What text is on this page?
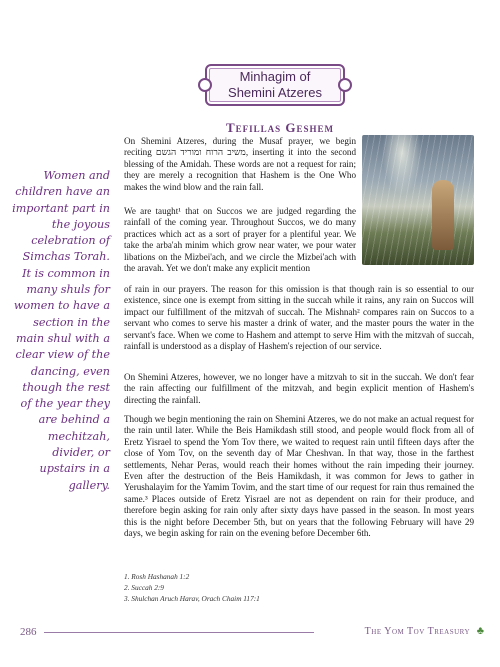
Minhagim of
Shemini Atzeres
Tefillas Geshem
Women and children have an important part in the joyous celebration of Simchas Torah. It is common in many shuls for women to have a section in the main shul with a clear view of the dancing, even though the rest of the year they are behind a mechitzah, divider, or upstairs in a gallery.

On Shemini Atzeres, during the Musaf prayer, we begin reciting משיב הרוח ומוריד הגשם, inserting it into the second blessing of the Amidah. These words are not a request for rain; they are merely a recognition that Hashem is the One Who makes the wind blow and the rain fall.

We are taught¹ that on Succos we are judged regarding the rainfall of the coming year. Throughout Succos, we do many practices which act as a sort of prayer for a plentiful year. We take the arba'ah minim which grow near water, we pour water libations on the Mizbei'ach, and we circle the Mizbei'ach with the aravah. Yet we don't make any explicit mention

of rain in our prayers. The reason for this omission is that though rain is so essential to our existence, since one is exempt from sitting in the succah while it rains, any rain on Succos will impact our fulfillment of the mitzvah of succah. The Mishnah² compares rain on Succos to a servant who comes to serve his master a drink of water, and the master pours the water in the servant's face. When we come to Hashem and attempt to serve Him with the mitzvah of succah, rainfall is understood as a display of Hashem's rejection of our service.

On Shemini Atzeres, however, we no longer have a mitzvah to sit in the succah. We don't fear the rain affecting our fulfillment of the mitzvah, and begin explicit mention of Hashem's directing the rainfall.

Though we begin mentioning the rain on Shemini Atzeres, we do not make an actual request for the rain until later. While the Beis Hamikdash still stood, and people would flock from all of Eretz Yisrael to spend the Yom Tov there, we waited to request rain until fifteen days after the close of Yom Tov, on the seventh day of Mar Cheshvan. In that way, those in the farthest settlements, Nehar Peras, would reach their homes without the rain impeding their journey. Even after the destruction of the Beis Hamikdash, it was common for Jews to gather in Yerushalayim for the Yamim Tovim, and the start time of our request for rain thus remained the same.³ Places outside of Eretz Yisrael are not as dependent on rain for their produce, and therefore begin asking for rain only after sixty days have passed in the season. In most years this is the night before December 5th, but on years that the following February will have 29 days, we begin asking for rain on the evening before December 6th.

1. Rosh Hashanah 1:2
2. Succah 2:9
3. Shulchan Aruch Harav, Orach Chaim 117:1
286	The Yom Tov Treasury ♣
